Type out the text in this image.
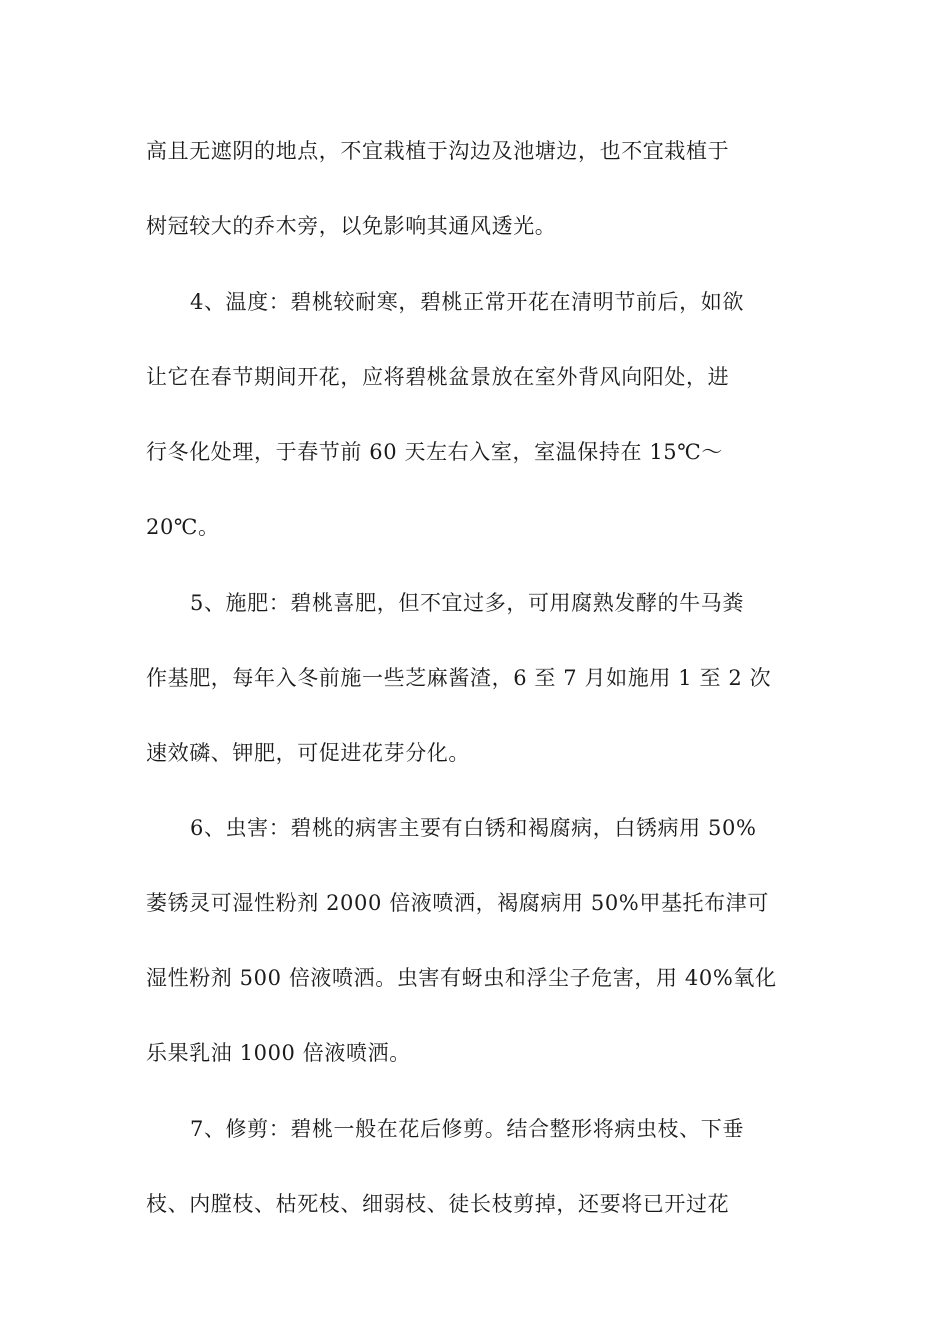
高且无遮阴的地点，不宜栽植于沟边及池塘边，也不宜栽植于
树冠较大的乔木旁，以免影响其通风透光。
4、温度：碧桃较耐寒，碧桃正常开花在清明节前后，如欲
让它在春节期间开花，应将碧桃盆景放在室外背风向阳处，进
行冬化处理，于春节前 60 天左右入室，室温保持在 15℃～
20℃。
5、施肥：碧桃喜肥，但不宜过多，可用腐熟发酵的牛马粪
作基肥，每年入冬前施一些芝麻酱渣，6 至 7 月如施用 1 至 2 次
速效磷、钾肥，可促进花芽分化。
6、虫害：碧桃的病害主要有白锈和褐腐病，白锈病用 50%
萎锈灵可湿性粉剂 2000 倍液喷洒，褐腐病用 50%甲基托布津可
湿性粉剂 500 倍液喷洒。虫害有蚜虫和浮尘子危害，用 40%氧化
乐果乳油 1000 倍液喷洒。
7、修剪：碧桃一般在花后修剪。结合整形将病虫枝、下垂
枝、内膛枝、枯死枝、细弱枝、徒长枝剪掉，还要将已开过花
